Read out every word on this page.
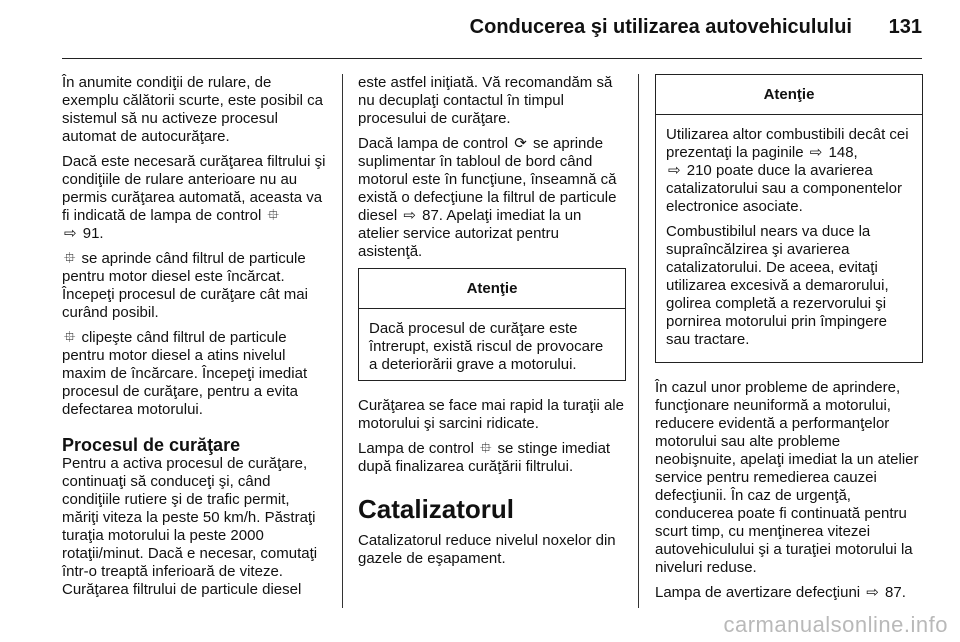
Conducerea şi utilizarea autovehiculului 131

În anumite condiţii de rulare, de exemplu călătorii scurte, este posibil ca sistemul să nu activeze procesul automat de autocurăţare.

Dacă este necesară curăţarea filtrului şi condiţiile de rulare anterioare nu au permis curăţarea automată, aceasta va fi indicată de lampa de control ⯐
⇨ 91.

⯐ se aprinde când filtrul de particule pentru motor diesel este încărcat. Începeţi procesul de curăţare cât mai curând posibil.

⯐ clipeşte când filtrul de particule pentru motor diesel a atins nivelul maxim de încărcare. Începeţi imediat procesul de curăţare, pentru a evita defectarea motorului.

Procesul de curăţare

Pentru a activa procesul de curăţare, continuaţi să conduceţi şi, când condiţiile rutiere şi de trafic permit, măriţi viteza la peste 50 km/h. Păstraţi turaţia motorului la peste 2000 rotaţii/minut. Dacă e necesar, comutaţi într-o treaptă inferioară de viteze. Curăţarea filtrului de particule diesel

este astfel iniţiată. Vă recomandăm să nu decuplaţi contactul în timpul procesului de curăţare.

Dacă lampa de control ⟳ se aprinde suplimentar în tabloul de bord când motorul este în funcţiune, înseamnă că există o defecţiune la filtrul de particule diesel ⇨ 87. Apelaţi imediat la un atelier service autorizat pentru asistenţă.

Atenţie
Dacă procesul de curăţare este întrerupt, există riscul de provocare a deteriorării grave a motorului.

Curăţarea se face mai rapid la turaţii ale motorului şi sarcini ridicate.

Lampa de control ⯐ se stinge imediat după finalizarea curăţării filtrului.

Catalizatorul

Catalizatorul reduce nivelul noxelor din gazele de eşapament.

Atenţie

Utilizarea altor combustibili decât cei prezentaţi la paginile ⇨ 148,
⇨ 210 poate duce la avarierea catalizatorului sau a componentelor electronice asociate.

Combustibilul nears va duce la supraîncălzirea şi avarierea catalizatorului. De aceea, evitaţi utilizarea excesivă a demarorului, golirea completă a rezervorului şi pornirea motorului prin împingere sau tractare.

În cazul unor probleme de aprindere, funcţionare neuniformă a motorului, reducere evidentă a performanţelor motorului sau alte probleme neobişnuite, apelaţi imediat la un atelier service pentru remedierea cauzei defecţiunii. În caz de urgenţă, conducerea poate fi continuată pentru scurt timp, cu menţinerea vitezei autovehiculului şi a turaţiei motorului la niveluri reduse.

Lampa de avertizare defecţiuni ⇨ 87.

carmanualsonline.info
